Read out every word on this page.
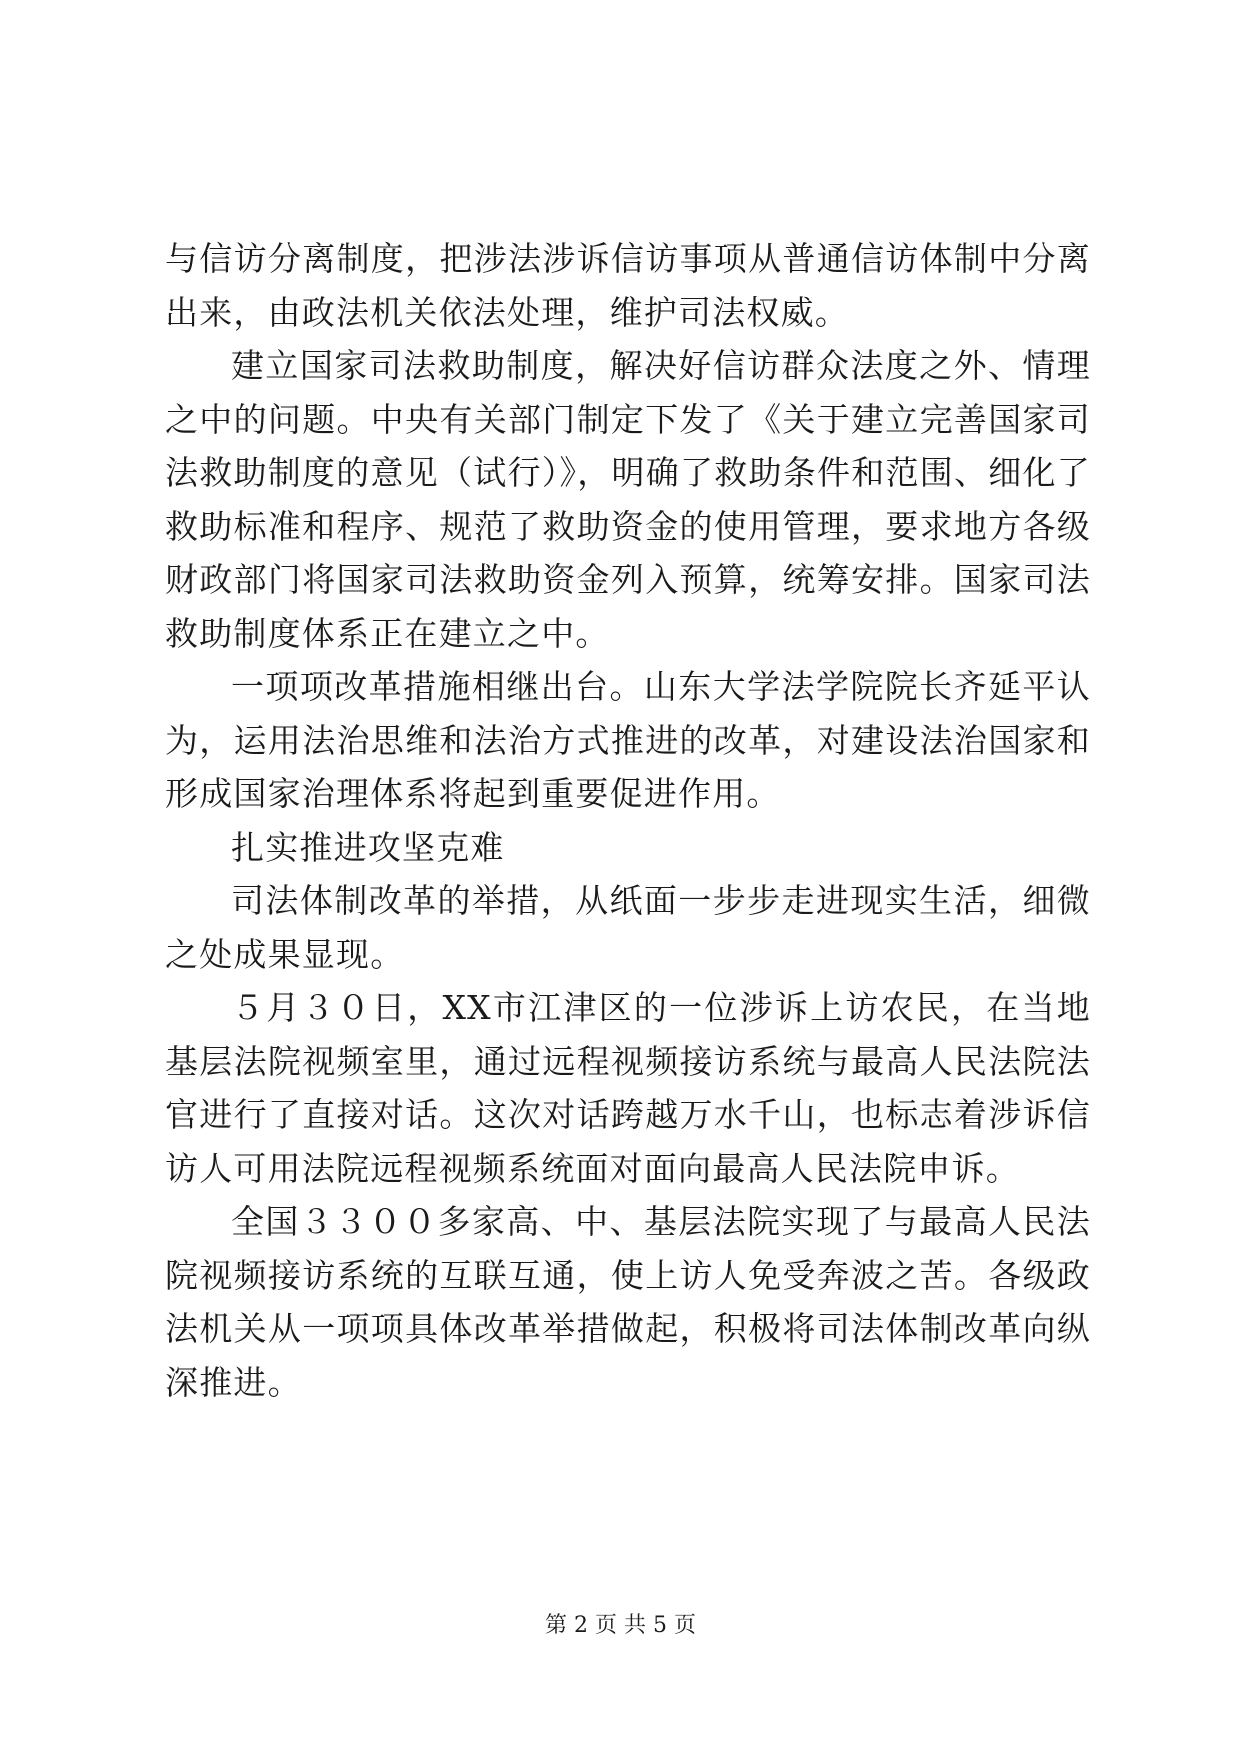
与信访分离制度，把涉法涉诉信访事项从普通信访体制中分离出来，由政法机关依法处理，维护司法权威。

建立国家司法救助制度，解决好信访群众法度之外、情理之中的问题。中央有关部门制定下发了《关于建立完善国家司法救助制度的意见（试行）》，明确了救助条件和范围、细化了救助标准和程序、规范了救助资金的使用管理，要求地方各级财政部门将国家司法救助资金列入预算，统筹安排。国家司法救助制度体系正在建立之中。

一项项改革措施相继出台。山东大学法学院院长齐延平认为，运用法治思维和法治方式推进的改革，对建设法治国家和形成国家治理体系将起到重要促进作用。

扎实推进攻坚克难

司法体制改革的举措，从纸面一步步走进现实生活，细微之处成果显现。

５月３０日，XX市江津区的一位涉诉上访农民，在当地基层法院视频室里，通过远程视频接访系统与最高人民法院法官进行了直接对话。这次对话跨越万水千山，也标志着涉诉信访人可用法院远程视频系统面对面向最高人民法院申诉。

全国３３００多家高、中、基层法院实现了与最高人民法院视频接访系统的互联互通，使上访人免受奔波之苦。各级政法机关从一项项具体改革举措做起，积极将司法体制改革向纵深推进。

第 2 页 共 5 页
